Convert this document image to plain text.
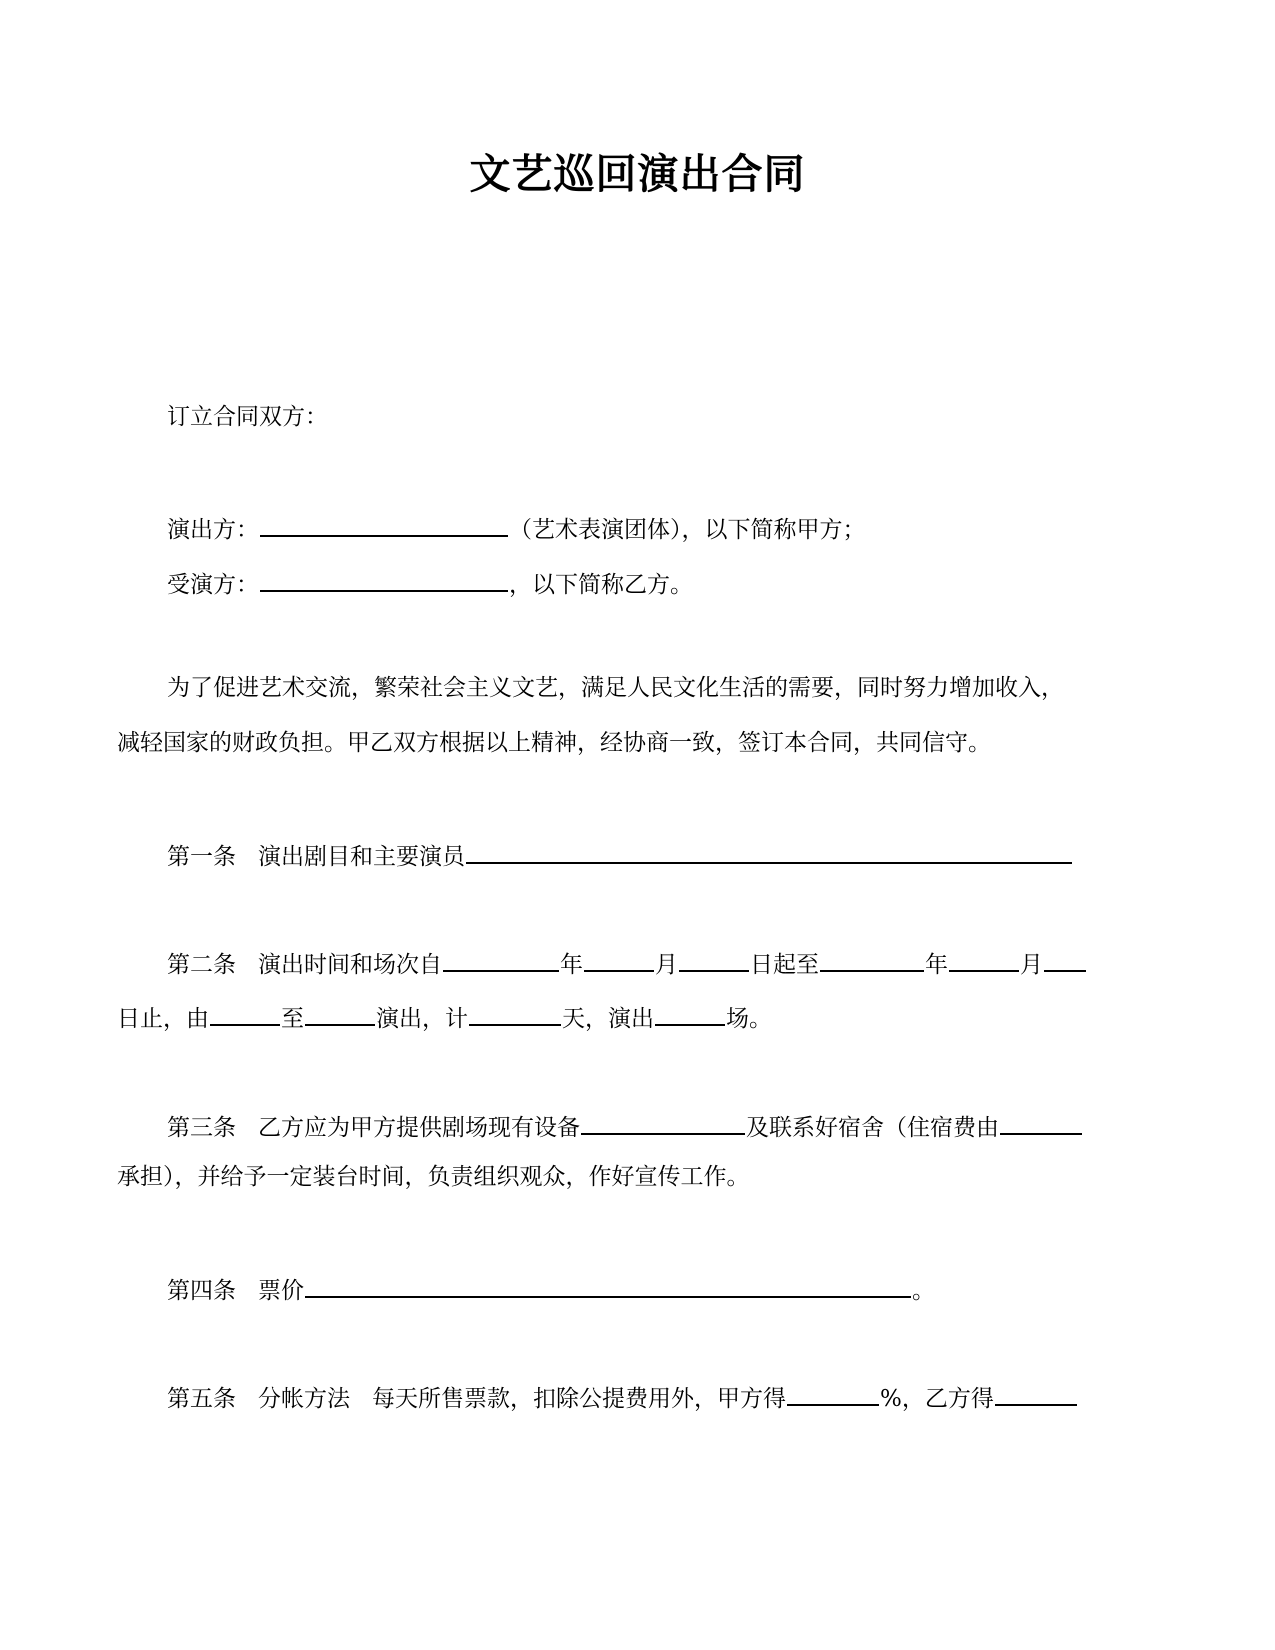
文艺巡回演出合同
订立合同双方：
演出方：	（艺术表演团体），以下简称甲方；
受演方：	，以下简称乙方。
为了促进艺术交流，繁荣社会主义文艺，满足人民文化生活的需要，同时努力增加收入，
减轻国家的财政负担。甲乙双方根据以上精神，经协商一致，签订本合同，共同信守。
第一条 演出剧目和主要演员
第二条 演出时间和场次自	年	月	日起至	年	月
日止，由	至	演出，计	天，演出	场。
第三条 乙方应为甲方提供剧场现有设备	及联系好宿舍（住宿费由
承担），并给予一定装台时间，负责组织观众，作好宣传工作。
第四条 票价	。
第五条 分帐方法 每天所售票款，扣除公提费用外，甲方得	%，乙方得
